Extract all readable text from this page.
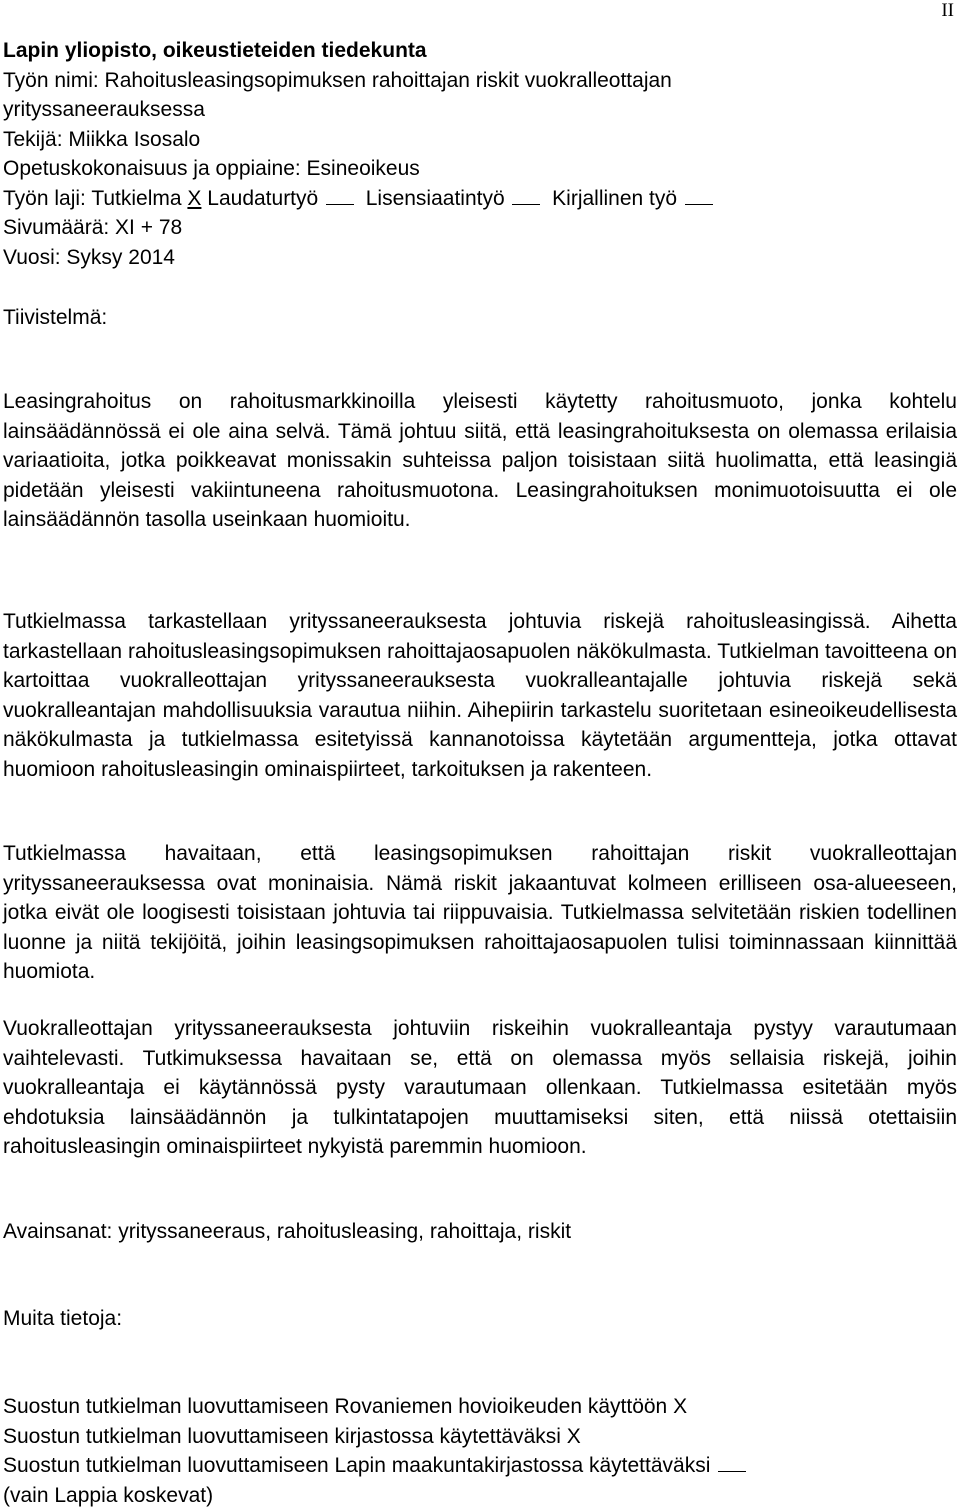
II
Lapin yliopisto, oikeustieteiden tiedekunta
Työn nimi: Rahoitusleasingsopimuksen rahoittajan riskit vuokralleottajan
yrityssaneerauksessa
Tekijä: Miikka Isosalo
Opetuskokonaisuus ja oppiaine: Esineoikeus
Työn laji: Tutkielma X Laudaturtyö Lisensiaatintyö Kirjallinen työ
Sivumäärä: XI + 78
Vuosi: Syksy 2014
Tiivistelmä:

Leasingrahoitus on rahoitusmarkkinoilla yleisesti käytetty rahoitusmuoto, jonka kohtelu lainsäädännössä ei ole aina selvä. Tämä johtuu siitä, että leasingrahoituksesta on olemassa erilaisia variaatioita, jotka poikkeavat monissakin suhteissa paljon toisistaan siitä huolimatta, että leasingiä pidetään yleisesti vakiintuneena rahoitusmuotona. Leasingrahoituksen monimuotoisuutta ei ole lainsäädännön tasolla useinkaan huomioitu.

Tutkielmassa tarkastellaan yrityssaneerauksesta johtuvia riskejä rahoitusleasingissä. Aihetta tarkastellaan rahoitusleasingsopimuksen rahoittajaosapuolen näkökulmasta. Tutkielman tavoitteena on kartoittaa vuokralleottajan yrityssaneerauksesta vuokralleantajalle johtuvia riskejä sekä vuokralleantajan mahdollisuuksia varautua niihin. Aihepiirin tarkastelu suoritetaan esineoikeudellisesta näkökulmasta ja tutkielmassa esitetyissä kannanotoissa käytetään argumentteja, jotka ottavat huomioon rahoitusleasingin ominaispiirteet, tarkoituksen ja rakenteen.

Tutkielmassa havaitaan, että leasingsopimuksen rahoittajan riskit vuokralleottajan yrityssaneerauksessa ovat moninaisia. Nämä riskit jakaantuvat kolmeen erilliseen osa-alueeseen, jotka eivät ole loogisesti toisistaan johtuvia tai riippuvaisia. Tutkielmassa selvitetään riskien todellinen luonne ja niitä tekijöitä, joihin leasingsopimuksen rahoittajaosapuolen tulisi toiminnassaan kiinnittää huomiota.

Vuokralleottajan yrityssaneerauksesta johtuviin riskeihin vuokralleantaja pystyy varautumaan vaihtelevasti. Tutkimuksessa havaitaan se, että on olemassa myös sellaisia riskejä, joihin vuokralleantaja ei käytännössä pysty varautumaan ollenkaan. Tutkielmassa esitetään myös ehdotuksia lainsäädännön ja tulkintatapojen muuttamiseksi siten, että niissä otettaisiin rahoitusleasingin ominaispiirteet nykyistä paremmin huomioon.

Avainsanat: yrityssaneeraus, rahoitusleasing, rahoittaja, riskit
Muita tietoja:
Suostun tutkielman luovuttamiseen Rovaniemen hovioikeuden käyttöön X
Suostun tutkielman luovuttamiseen kirjastossa käytettäväksi X
Suostun tutkielman luovuttamiseen Lapin maakuntakirjastossa käytettäväksi
(vain Lappia koskevat)
